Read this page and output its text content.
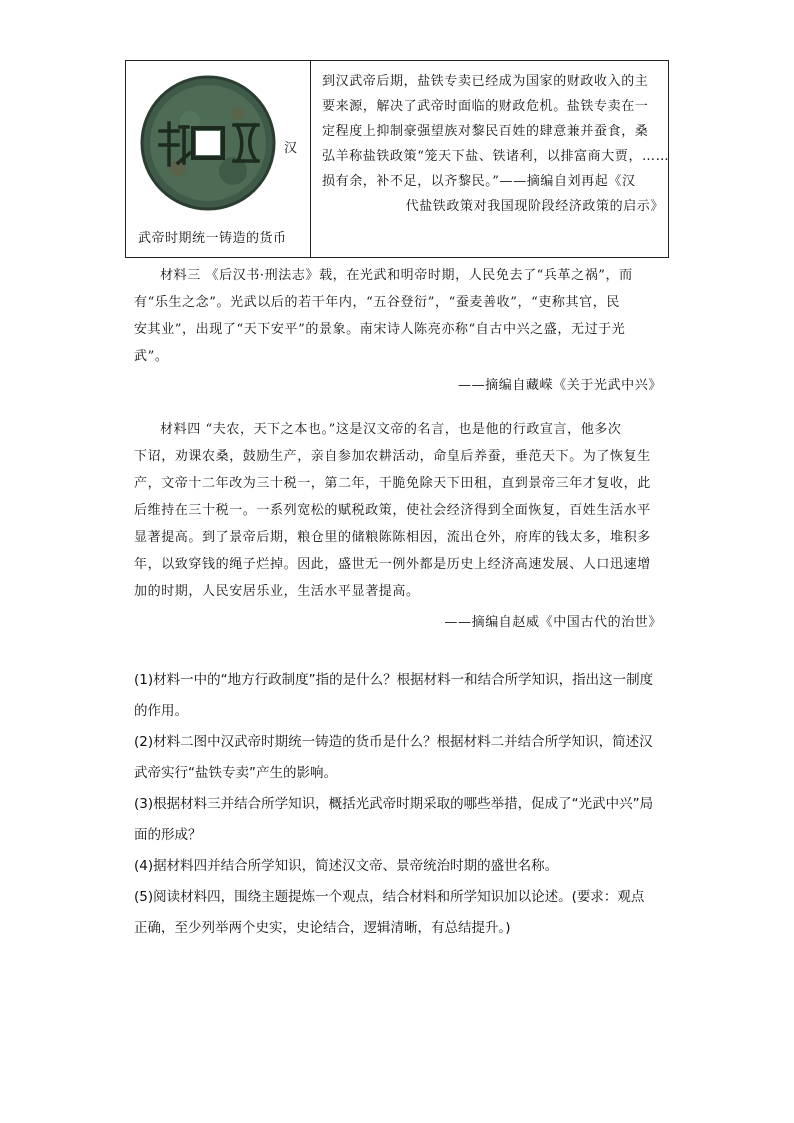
汉
武帝时期统一铸造的货币
到汉武帝后期，盐铁专卖已经成为国家的财政收入的主
要来源，解决了武帝时面临的财政危机。盐铁专卖在一
定程度上抑制豪强望族对黎民百姓的肆意兼并蚕食，桑
弘羊称盐铁政策“笼天下盐、铁诸利，以排富商大贾，……
损有余，补不足，以齐黎民。”——摘编自刘再起《汉
代盐铁政策对我国现阶段经济政策的启示》
材料三 《后汉书·刑法志》载，在光武和明帝时期，人民免去了“兵革之祸”，而
有“乐生之念”。光武以后的若干年内，“五谷登衍”，“蚕麦善收”，“吏称其官，民
安其业”，出现了“天下安平”的景象。南宋诗人陈亮亦称“自古中兴之盛，无过于光
武”。
——摘编自藏嵘《关于光武中兴》
材料四 “夫农，天下之本也。”这是汉文帝的名言，也是他的行政宣言，他多次
下诏，劝课农桑，鼓励生产，亲自参加农耕活动，命皇后养蚕，垂范天下。为了恢复生
产，文帝十二年改为三十税一，第二年，干脆免除天下田租，直到景帝三年才复收，此
后维持在三十税一。一系列宽松的赋税政策，使社会经济得到全面恢复，百姓生活水平
显著提高。到了景帝后期，粮仓里的储粮陈陈相因，流出仓外，府库的钱太多，堆积多
年，以致穿钱的绳子烂掉。因此，盛世无一例外都是历史上经济高速发展、人口迅速增
加的时期，人民安居乐业，生活水平显著提高。
——摘编自赵威《中国古代的治世》
(1)材料一中的“地方行政制度”指的是什么？根据材料一和结合所学知识，指出这一制度
的作用。
(2)材料二图中汉武帝时期统一铸造的货币是什么？根据材料二并结合所学知识，简述汉
武帝实行“盐铁专卖”产生的影响。
(3)根据材料三并结合所学知识，概括光武帝时期采取的哪些举措，促成了“光武中兴”局
面的形成？
(4)据材料四并结合所学知识，简述汉文帝、景帝统治时期的盛世名称。
(5)阅读材料四，围绕主题提炼一个观点，结合材料和所学知识加以论述。(要求：观点
正确，至少列举两个史实，史论结合，逻辑清晰，有总结提升。)
